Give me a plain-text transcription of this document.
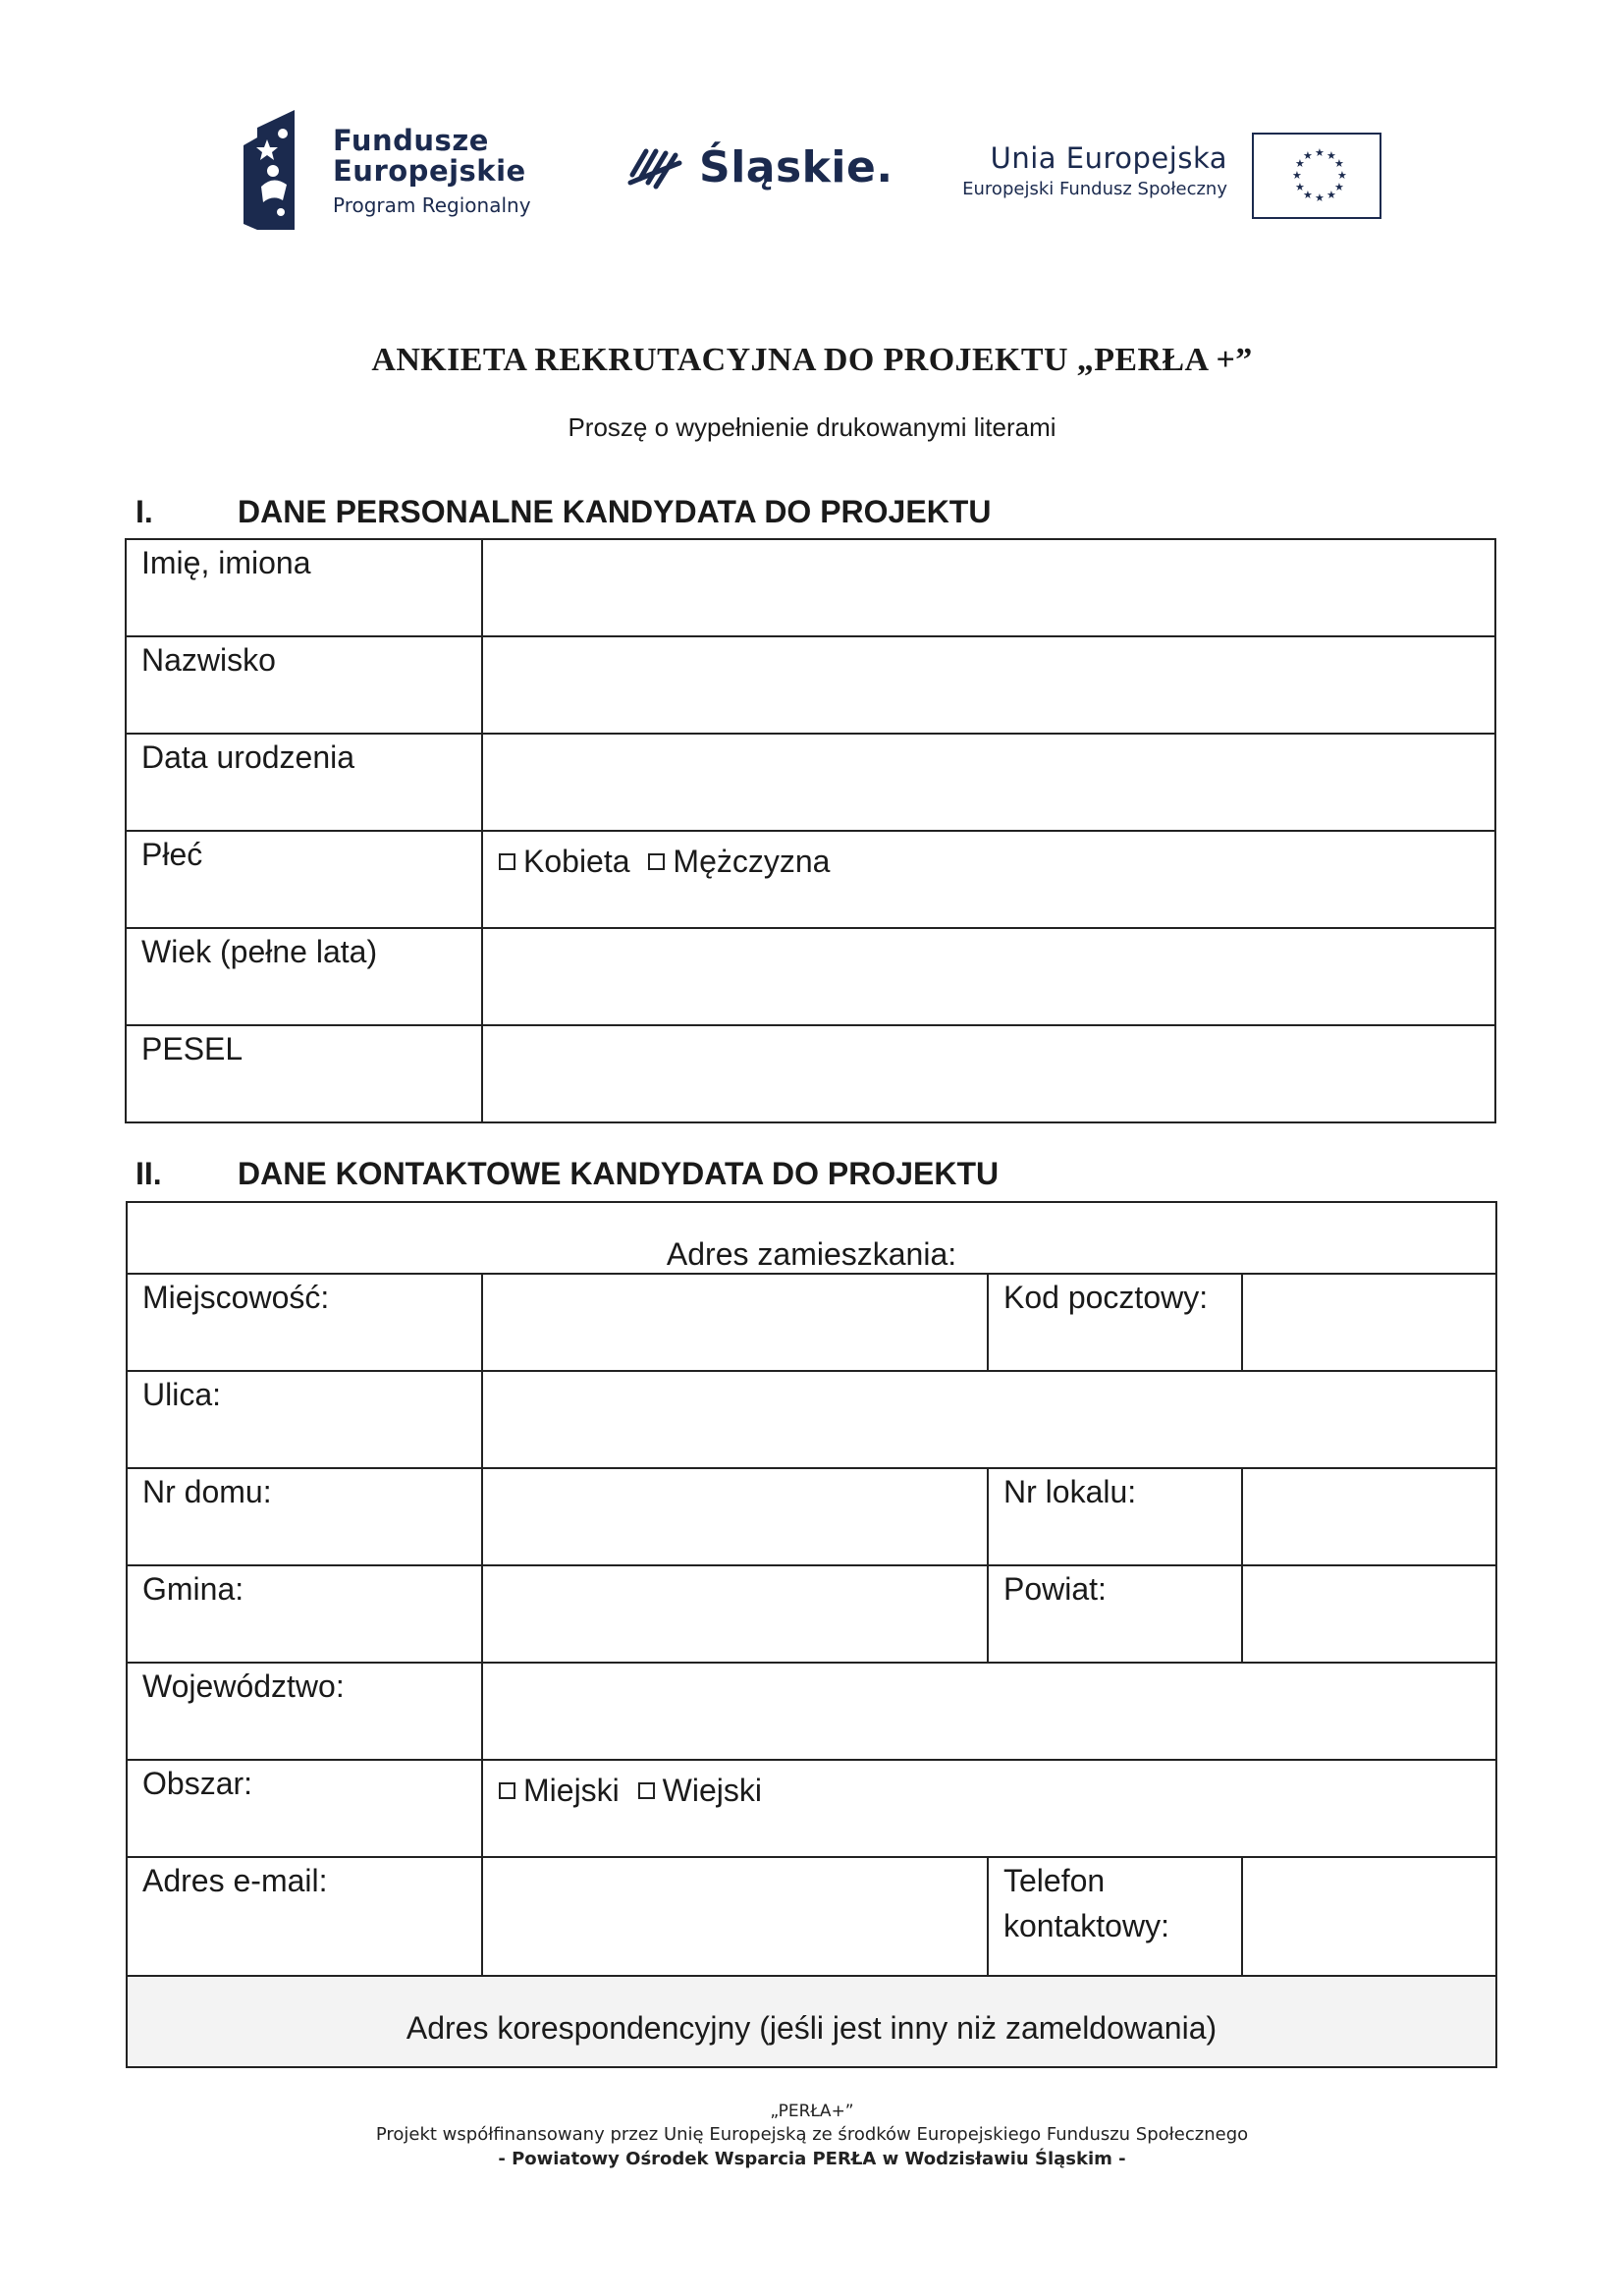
Fundusze
Europejskie
Program Regionalny
Śląskie.	Unia Europejska
Europejski Fundusz Społeczny
★ ★
★
★
★
★
★
★
★
★
★
★
ANKIETA REKRUTACYJNA DO PROJEKTU „PERŁA +”
Proszę o wypełnienie drukowanymi literami
I.	DANE PERSONALNE KANDYDATA DO PROJEKTU
Imię, imiona	
Nazwisko	
Data urodzenia	
Płeć	Kobieta Mężczyzna
Wiek (pełne lata)	
PESEL	
II. DANE KONTAKTOWE KANDYDATA DO PROJEKTU
Adres zamieszkania:			
Miejscowość:		Kod pocztowy:	
Ulica:			
Nr domu:		Nr lokalu:	
Gmina:		Powiat:	
Województwo:			
Obszar:	Miejski Wiejski		
Adres e-mail:		Telefon
kontaktowy:	

Adres korespondencyjny (jeśli jest inny niż zameldowania)			
„PERŁA+”
Projekt współfinansowany przez Unię Europejską ze środków Europejskiego Funduszu Społecznego
- Powiatowy Ośrodek Wsparcia PERŁA w Wodzisławiu Śląskim -
